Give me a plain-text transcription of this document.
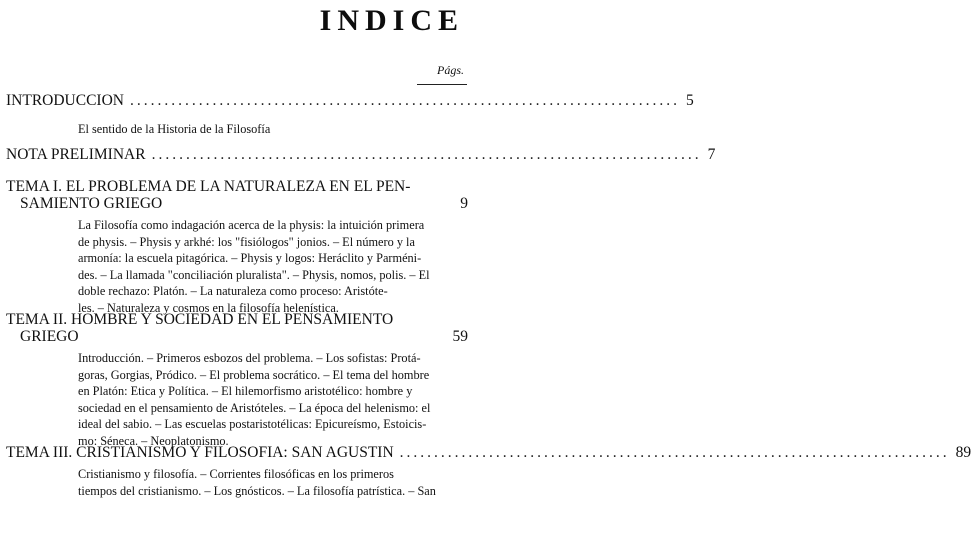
INDICE
Págs.
INTRODUCCION ................................................................................ 5
El sentido de la Historia de la Filosofía
NOTA PRELIMINAR ................................................................................ 7
TEMA I. EL PROBLEMA DE LA NATURALEZA EN EL PEN-
SAMIENTO GRIEGO	9
La Filosofía como indagación acerca de la physis: la intuición primera
de physis. – Physis y arkhé: los "fisiólogos" jonios. – El número y la
armonía: la escuela pitagórica. – Physis y logos: Heráclito y Parméni-
des. – La llamada "conciliación pluralista". – Physis, nomos, polis. – El
doble rechazo: Platón. – La naturaleza como proceso: Aristóte-
les. – Naturaleza y cosmos en la filosofía helenística.
TEMA II. HOMBRE Y SOCIEDAD EN EL PENSAMIENTO
GRIEGO	59
Introducción. – Primeros esbozos del problema. – Los sofistas: Protá-
goras, Gorgias, Pródico. – El problema socrático. – El tema del hombre
en Platón: Etica y Política. – El hilemorfismo aristotélico: hombre y
sociedad en el pensamiento de Aristóteles. – La época del helenismo: el
ideal del sabio. – Las escuelas postaristotélicas: Epicureísmo, Estoicis-
mo: Séneca. – Neoplatonismo.
TEMA III. CRISTIANISMO Y FILOSOFIA: SAN AGUSTIN ................................................................................ 89
Cristianismo y filosofía. – Corrientes filosóficas en los primeros
tiempos del cristianismo. – Los gnósticos. – La filosofía patrística. – San
